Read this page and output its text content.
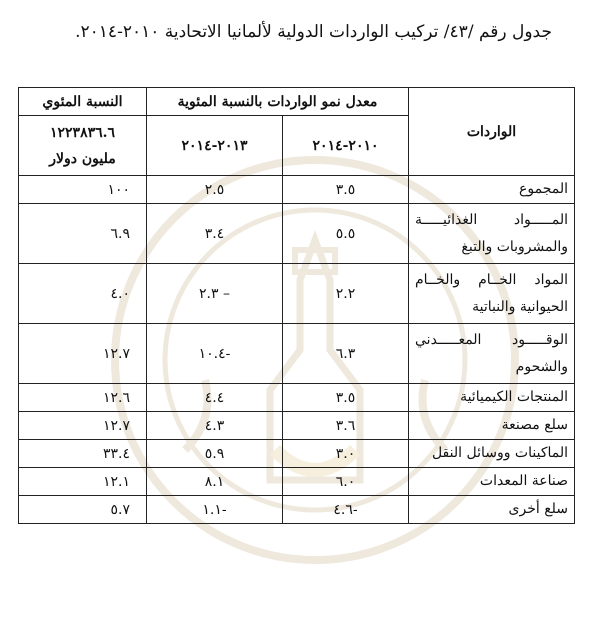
جدول رقم /٤٣/ تركيب الواردات الدولية لألمانيا الاتحادية ٢٠١٠-٢٠١٤.
الواردات	معدل نمو الواردات بالنسبة المئوية		النسبة المئوي
	٢٠١٠-٢٠١٤	٢٠١٣-٢٠١٤	١٢٢٣٨٣٦.٦
مليون دولار

المجموع	٣.٥	٢.٥	١٠٠

المـــــواد الغذائيـــــة
والمشروبات والتبغ	٥.٥	٣.٤	٦.٩

المواد الخــام والخــام
الحيوانية والنباتية	٢.٢	– ٢.٣	٤.٠

الوقـــــود المعـــــدني
والشحوم	٦.٣	-١٠.٤	١٢.٧

المنتجات الكيميائية	٣.٥	٤.٤	١٢.٦

سلع مصنعة	٣.٦	٤.٣	١٢.٧

الماكينات ووسائل النقل	٣.٠	٥.٩	٣٣.٤

صناعة المعدات	٦.٠	٨.١	١٢.١

سلع أخرى	-٤.٦	-١.١	٥.٧
